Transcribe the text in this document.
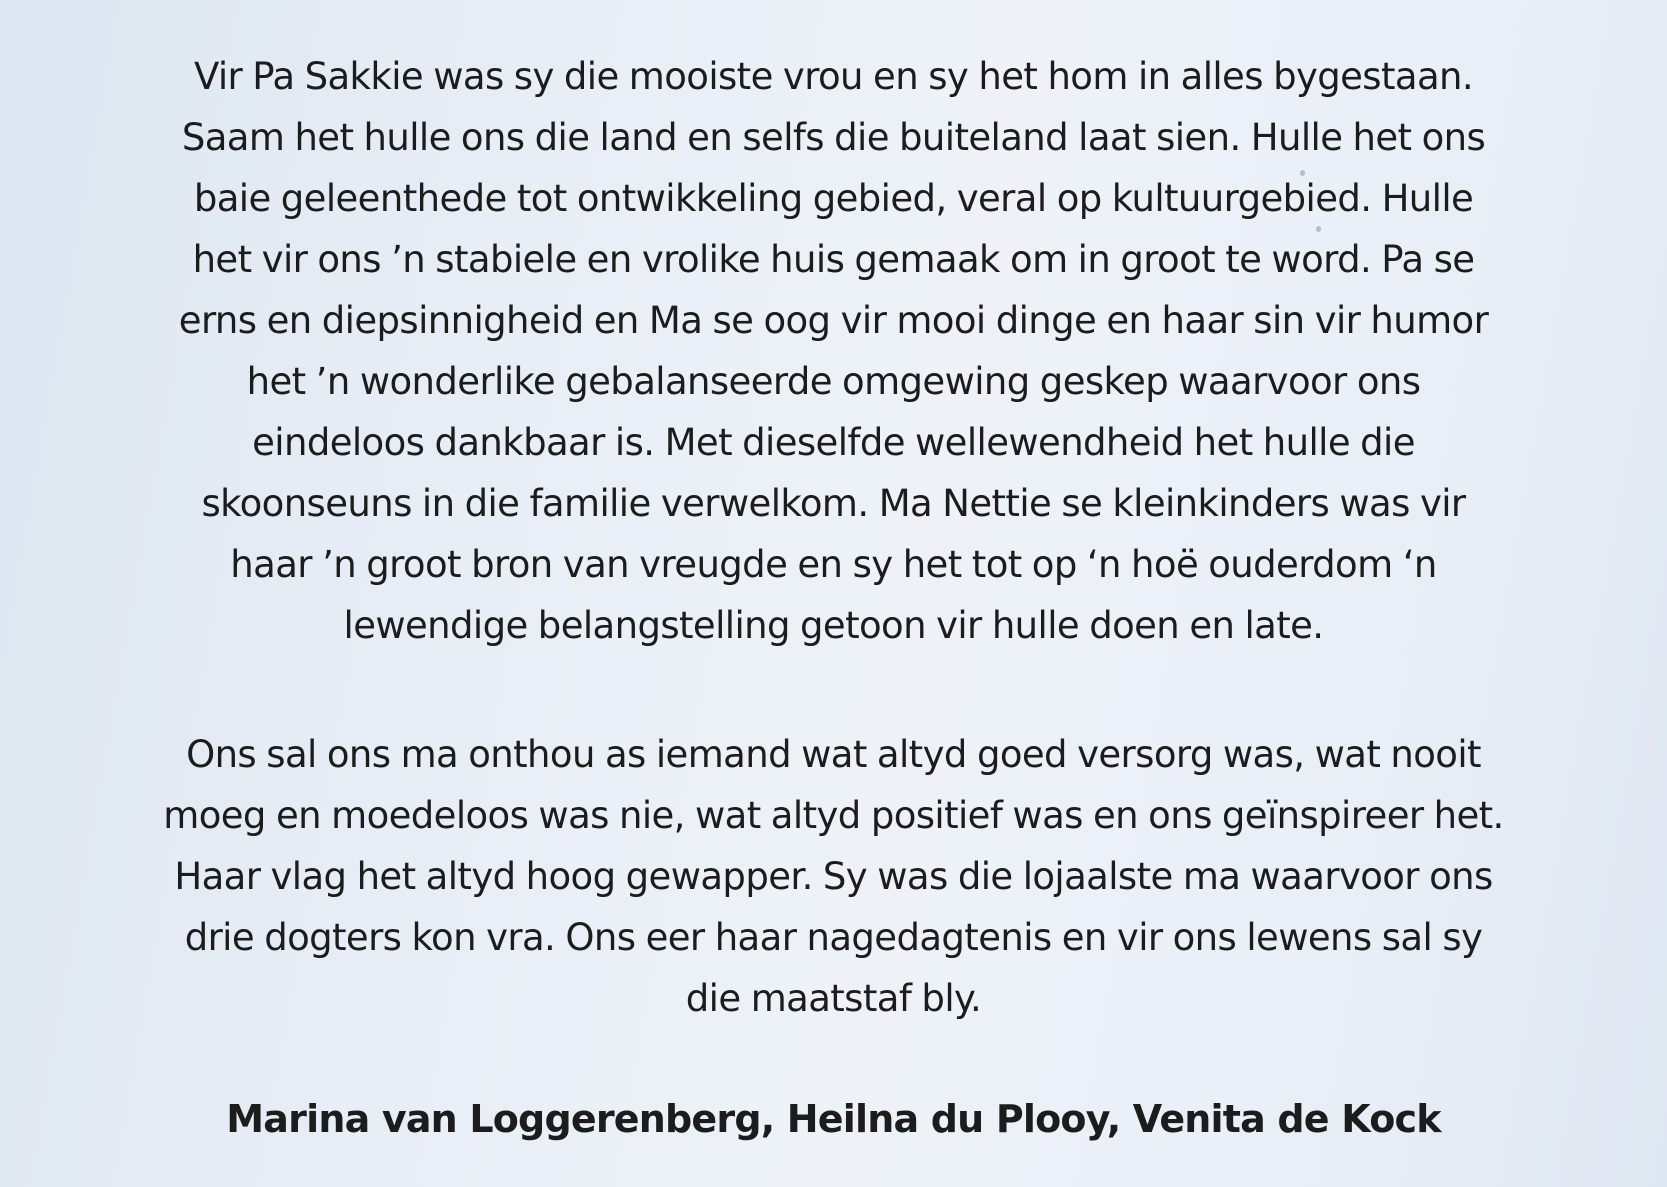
Vir Pa Sakkie was sy die mooiste vrou en sy het hom in alles bygestaan.
Saam het hulle ons die land en selfs die buiteland laat sien. Hulle het ons
baie geleenthede tot ontwikkeling gebied, veral op kultuurgebied. Hulle
het vir ons ’n stabiele en vrolike huis gemaak om in groot te word. Pa se
erns en diepsinnigheid en Ma se oog vir mooi dinge en haar sin vir humor
het ’n wonderlike gebalanseerde omgewing geskep waarvoor ons
eindeloos dankbaar is. Met dieselfde wellewendheid het hulle die
skoonseuns in die familie verwelkom. Ma Nettie se kleinkinders was vir
haar ’n groot bron van vreugde en sy het tot op ‘n hoë ouderdom ‘n
lewendige belangstelling getoon vir hulle doen en late.
Ons sal ons ma onthou as iemand wat altyd goed versorg was, wat nooit
moeg en moedeloos was nie, wat altyd positief was en ons geïnspireer het.
Haar vlag het altyd hoog gewapper. Sy was die lojaalste ma waarvoor ons
drie dogters kon vra. Ons eer haar nagedagtenis en vir ons lewens sal sy
die maatstaf bly.
Marina van Loggerenberg, Heilna du Plooy, Venita de Kock
